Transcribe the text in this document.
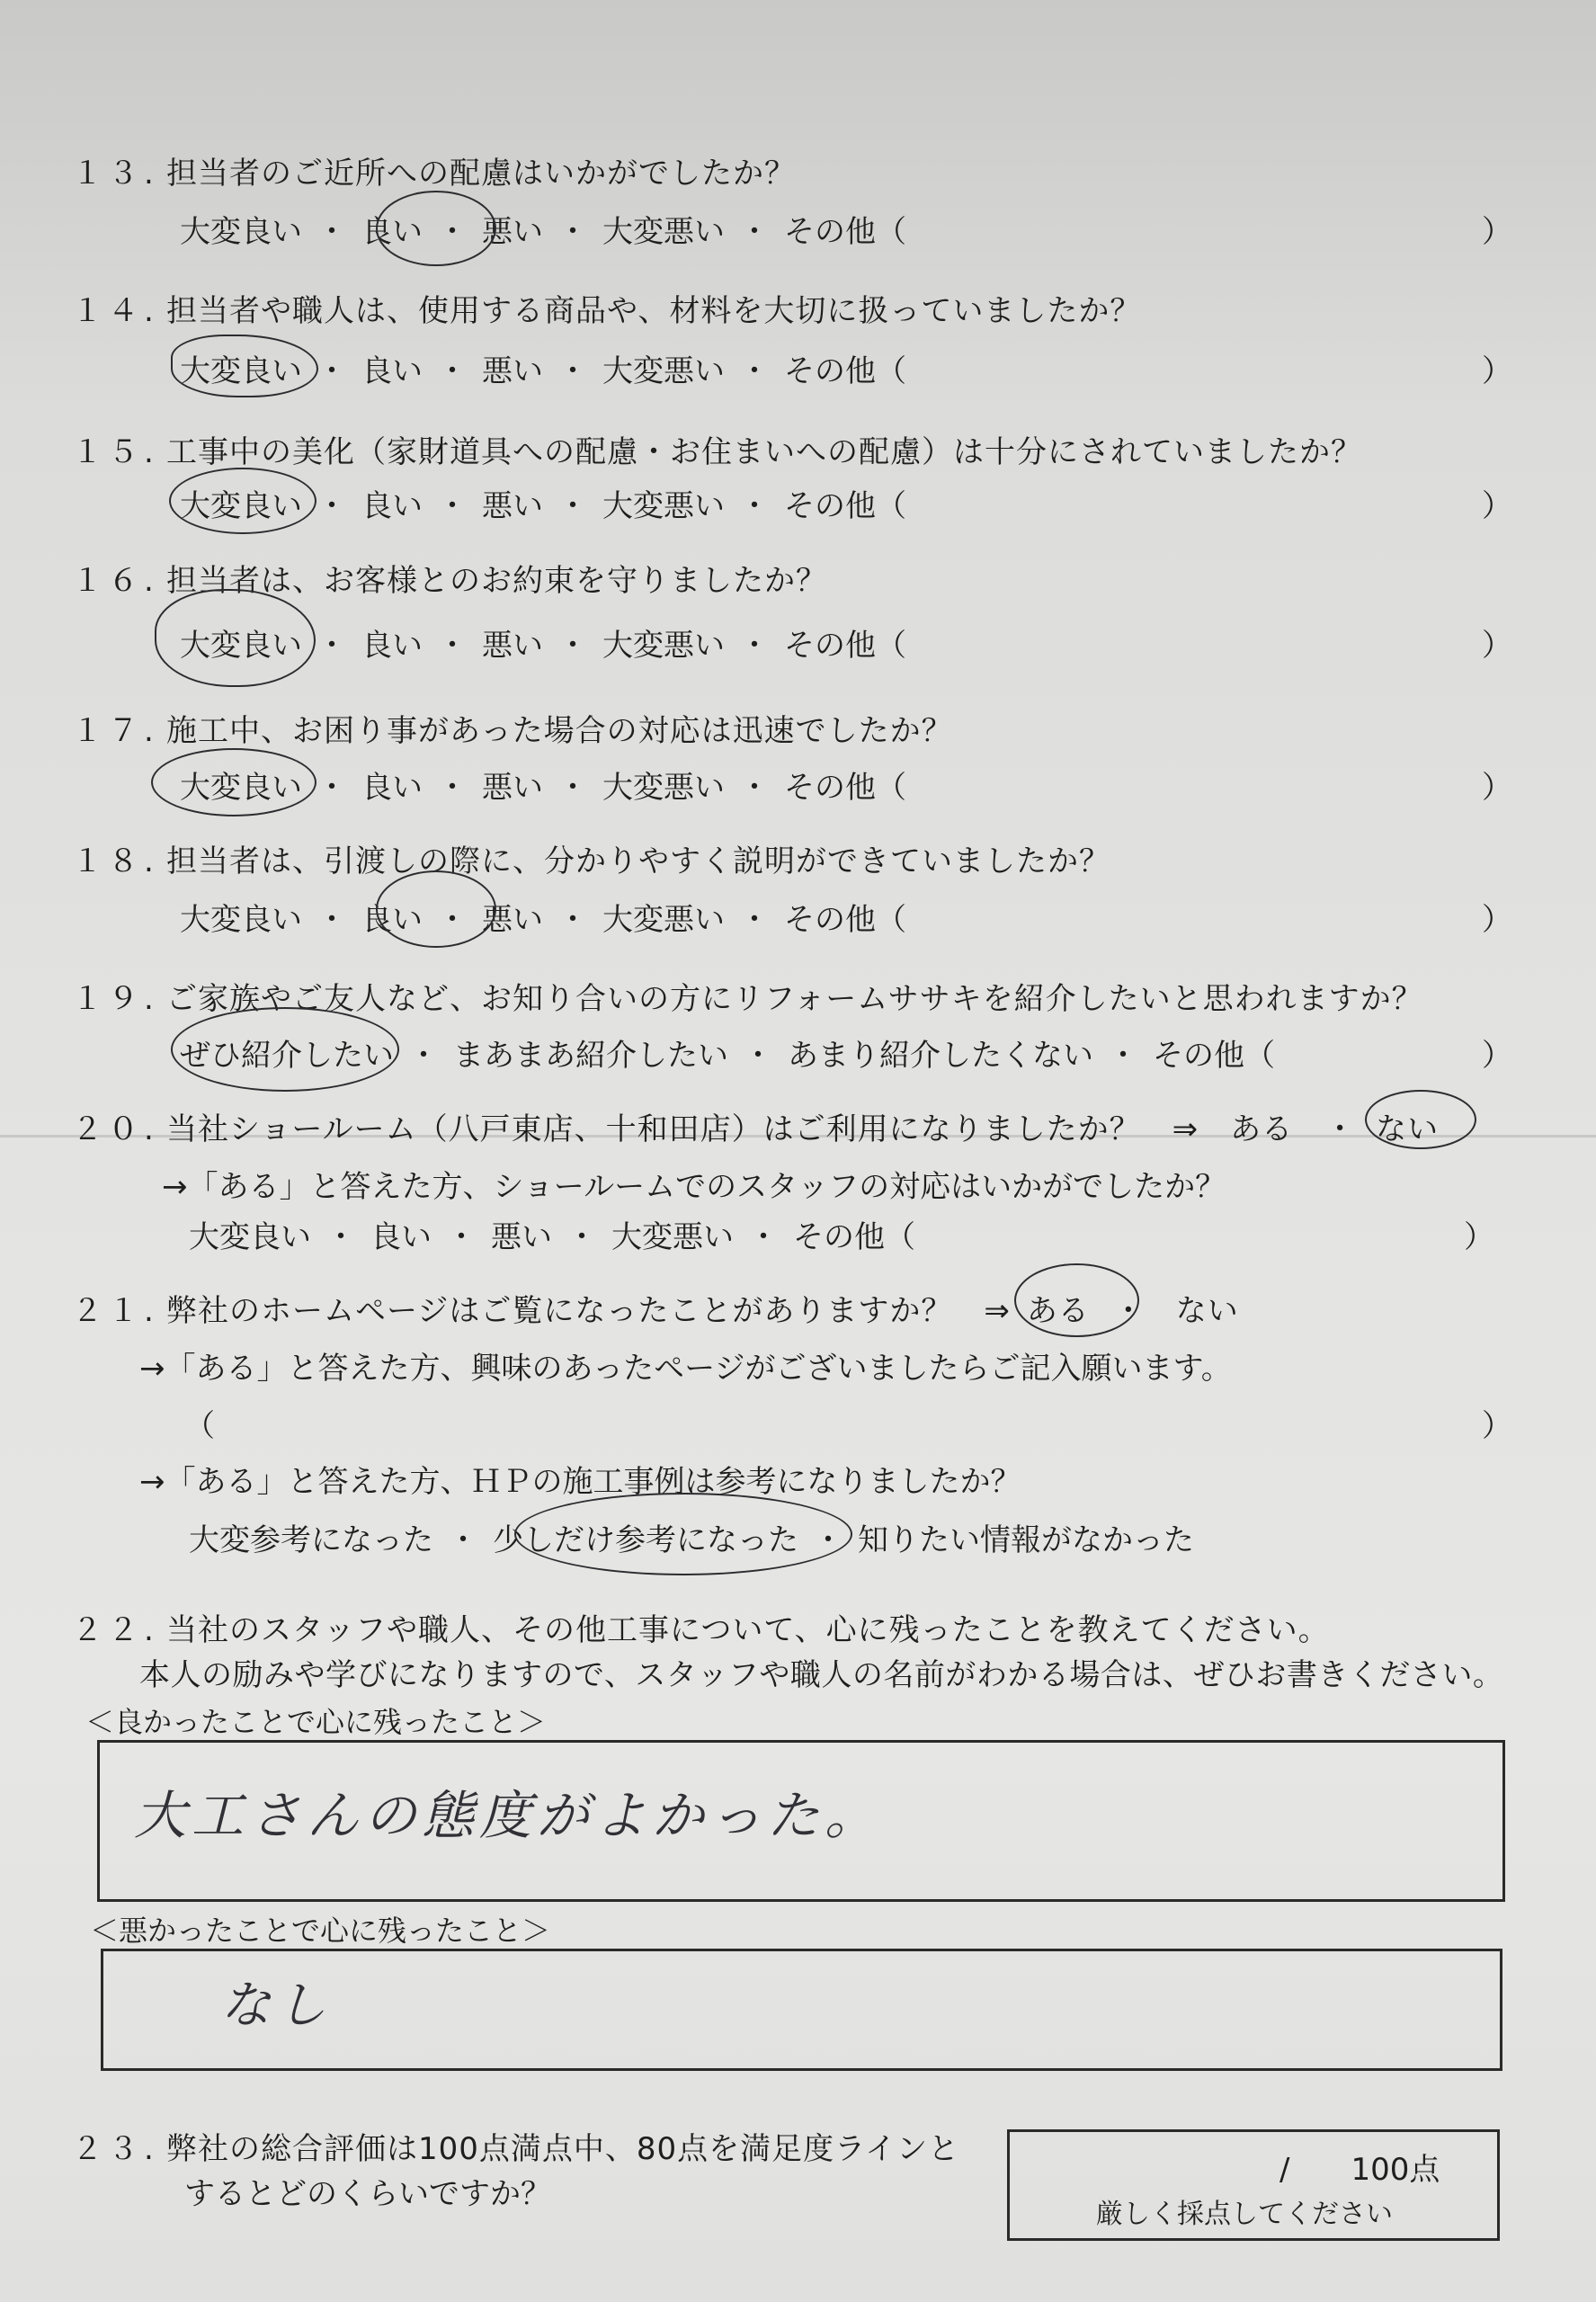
１３. 担当者のご近所への配慮はいかがでしたか？
大変良い ・ 良い ・ 悪い ・ 大変悪い ・ その他（	）
１４. 担当者や職人は、使用する商品や、材料を大切に扱っていましたか？
大変良い ・ 良い ・ 悪い ・ 大変悪い ・ その他（	）
１５. 工事中の美化（家財道具への配慮・お住まいへの配慮）は十分にされていましたか？
大変良い ・ 良い ・ 悪い ・ 大変悪い ・ その他（	）
１６. 担当者は、お客様とのお約束を守りましたか？
大変良い ・ 良い ・ 悪い ・ 大変悪い ・ その他（	）
１７. 施工中、お困り事があった場合の対応は迅速でしたか？
大変良い ・ 良い ・ 悪い ・ 大変悪い ・ その他（	）
１８. 担当者は、引渡しの際に、分かりやすく説明ができていましたか？
大変良い ・ 良い ・ 悪い ・ 大変悪い ・ その他（	）
１９. ご家族やご友人など、お知り合いの方にリフォームササキを紹介したいと思われますか？
ぜひ紹介したい ・ まあまあ紹介したい ・ あまり紹介したくない ・ その他（	）
２０. 当社ショールーム（八戸東店、十和田店）はご利用になりましたか？　⇒　ある　・ ない
→「ある」と答えた方、ショールームでのスタッフの対応はいかがでしたか？
大変良い ・ 良い ・ 悪い ・ 大変悪い ・ その他（	）
２１. 弊社のホームページはご覧になったことがありますか？　⇒ ある ・　ない
→「ある」と答えた方、興味のあったページがございましたらご記入願います。
（	）
→「ある」と答えた方、ＨＰの施工事例は参考になりましたか？
大変参考になった ・ 少しだけ参考になった ・ 知りたい情報がなかった
２２. 当社のスタッフや職人、その他工事について、心に残ったことを教えてください。
本人の励みや学びになりますので、スタッフや職人の名前がわかる場合は、ぜひお書きください。
＜良かったことで心に残ったこと＞
大工さんの態度がよかった。
＜悪かったことで心に残ったこと＞
なし
２３. 弊社の総合評価は100点満点中、80点を満足度ラインと
するとどのくらいですか？
/　　100点
厳しく採点してください
